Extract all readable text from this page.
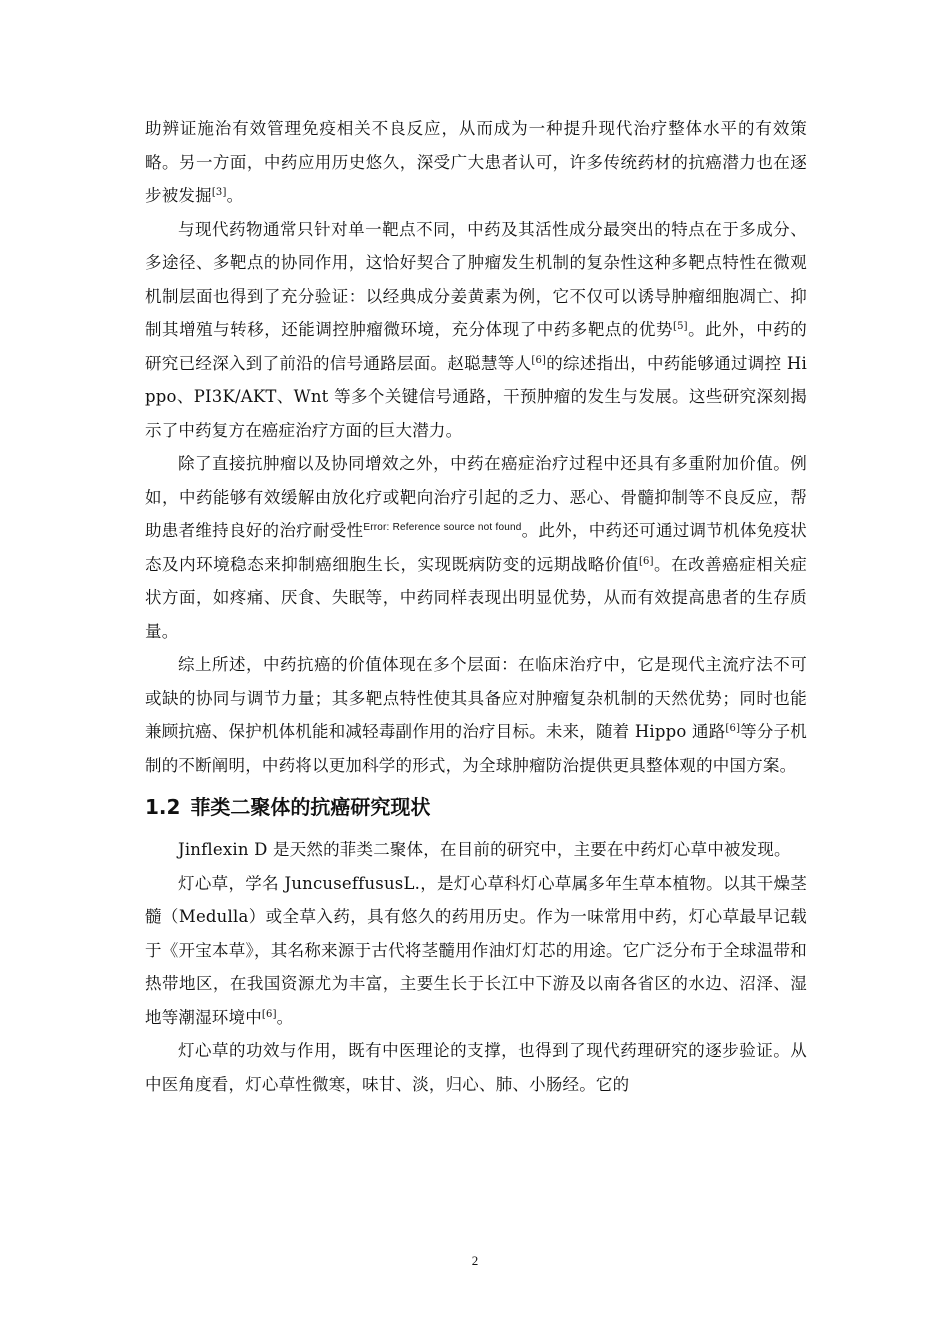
助辨证施治有效管理免疫相关不良反应，从而成为一种提升现代治疗整体水平的有效策略。另一方面，中药应用历史悠久，深受广大患者认可，许多传统药材的抗癌潜力也在逐步被发掘[3]。

与现代药物通常只针对单一靶点不同，中药及其活性成分最突出的特点在于多成分、多途径、多靶点的协同作用，这恰好契合了肿瘤发生机制的复杂性这种多靶点特性在微观机制层面也得到了充分验证：以经典成分姜黄素为例，它不仅可以诱导肿瘤细胞凋亡、抑制其增殖与转移，还能调控肿瘤微环境，充分体现了中药多靶点的优势[5]。此外，中药的研究已经深入到了前沿的信号通路层面。赵聪慧等人[6]的综述指出，中药能够通过调控 Hippo、PI3K/AKT、Wnt 等多个关键信号通路，干预肿瘤的发生与发展。这些研究深刻揭示了中药复方在癌症治疗方面的巨大潜力。

除了直接抗肿瘤以及协同增效之外，中药在癌症治疗过程中还具有多重附加价值。例如，中药能够有效缓解由放化疗或靶向治疗引起的乏力、恶心、骨髓抑制等不良反应，帮助患者维持良好的治疗耐受性$^{Error: Reference source not found}$。此外，中药还可通过调节机体免疫状态及内环境稳态来抑制癌细胞生长，实现既病防变的远期战略价值[6]。在改善癌症相关症状方面，如疼痛、厌食、失眠等，中药同样表现出明显优势，从而有效提高患者的生存质量。

综上所述，中药抗癌的价值体现在多个层面：在临床治疗中，它是现代主流疗法不可或缺的协同与调节力量；其多靶点特性使其具备应对肿瘤复杂机制的天然优势；同时也能兼顾抗癌、保护机体机能和减轻毒副作用的治疗目标。未来，随着 Hippo 通路[6]等分子机制的不断阐明，中药将以更加科学的形式，为全球肿瘤防治提供更具整体观的中国方案。

1.2 菲类二聚体的抗癌研究现状

Jinflexin D 是天然的菲类二聚体，在目前的研究中，主要在中药灯心草中被发现。

灯心草，学名 JuncuseffususL.，是灯心草科灯心草属多年生草本植物。以其干燥茎髓（Medulla）或全草入药，具有悠久的药用历史。作为一味常用中药，灯心草最早记载于《开宝本草》，其名称来源于古代将茎髓用作油灯灯芯的用途。它广泛分布于全球温带和热带地区，在我国资源尤为丰富，主要生长于长江中下游及以南各省区的水边、沼泽、湿地等潮湿环境中[6]。

灯心草的功效与作用，既有中医理论的支撑，也得到了现代药理研究的逐步验证。从中医角度看，灯心草性微寒，味甘、淡，归心、肺、小肠经。它的

2
